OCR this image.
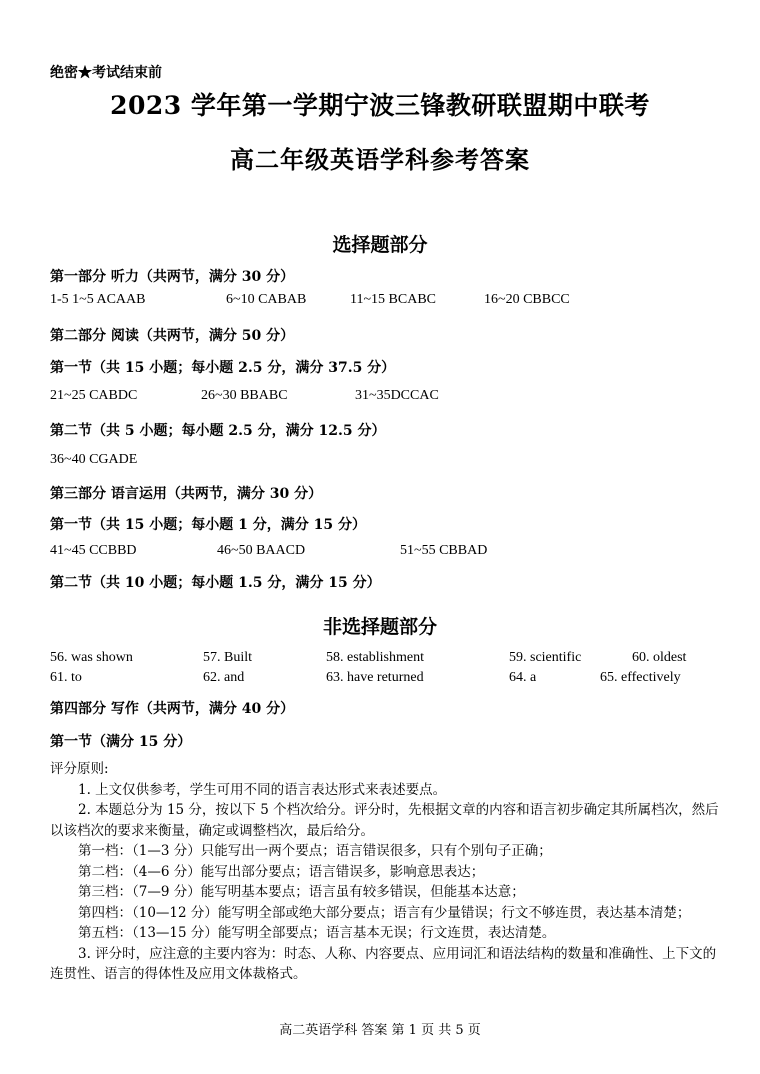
绝密★考试结束前
2023 学年第一学期宁波三锋教研联盟期中联考
高二年级英语学科参考答案
选择题部分
第一部分 听力（共两节，满分 30 分）
1-5 1~5 ACAAB	6~10 CABAB	11~15 BCABC	16~20 CBBCC
第二部分 阅读（共两节，满分 50 分）
第一节（共 15 小题；每小题 2.5 分，满分 37.5 分）
21~25 CABDC	26~30 BBABC	31~35DCCAC
第二节（共 5 小题；每小题 2.5 分，满分 12.5 分）
36~40 CGADE
第三部分 语言运用（共两节，满分 30 分）
第一节（共 15 小题；每小题 1 分，满分 15 分）
41~45 CCBBD	46~50 BAACD	51~55 CBBAD
第二节（共 10 小题；每小题 1.5 分，满分 15 分）
非选择题部分
56. was shown	57. Built	58. establishment	59. scientific	60. oldest
61. to	62. and	63. have returned	64. a	65. effectively
第四部分 写作（共两节，满分 40 分）
第一节（满分 15 分）

评分原则:

1. 上文仅供参考，学生可用不同的语言表达形式来表述要点。

2. 本题总分为 15 分，按以下 5 个档次给分。评分时，先根据文章的内容和语言初步确定其所属档次，然后以该档次的要求来衡量，确定或调整档次，最后给分。

第一档：（1—3 分）只能写出一两个要点；语言错误很多，只有个别句子正确；

第二档：（4—6 分）能写出部分要点；语言错误多，影响意思表达；

第三档：（7—9 分）能写明基本要点；语言虽有较多错误，但能基本达意；

第四档：（10—12 分）能写明全部或绝大部分要点；语言有少量错误；行文不够连贯，表达基本清楚；

第五档：（13—15 分）能写明全部要点；语言基本无误；行文连贯，表达清楚。

3. 评分时，应注意的主要内容为：时态、人称、内容要点、应用词汇和语法结构的数量和准确性、上下文的连贯性、语言的得体性及应用文体裁格式。

高二英语学科 答案 第 1 页 共 5 页
